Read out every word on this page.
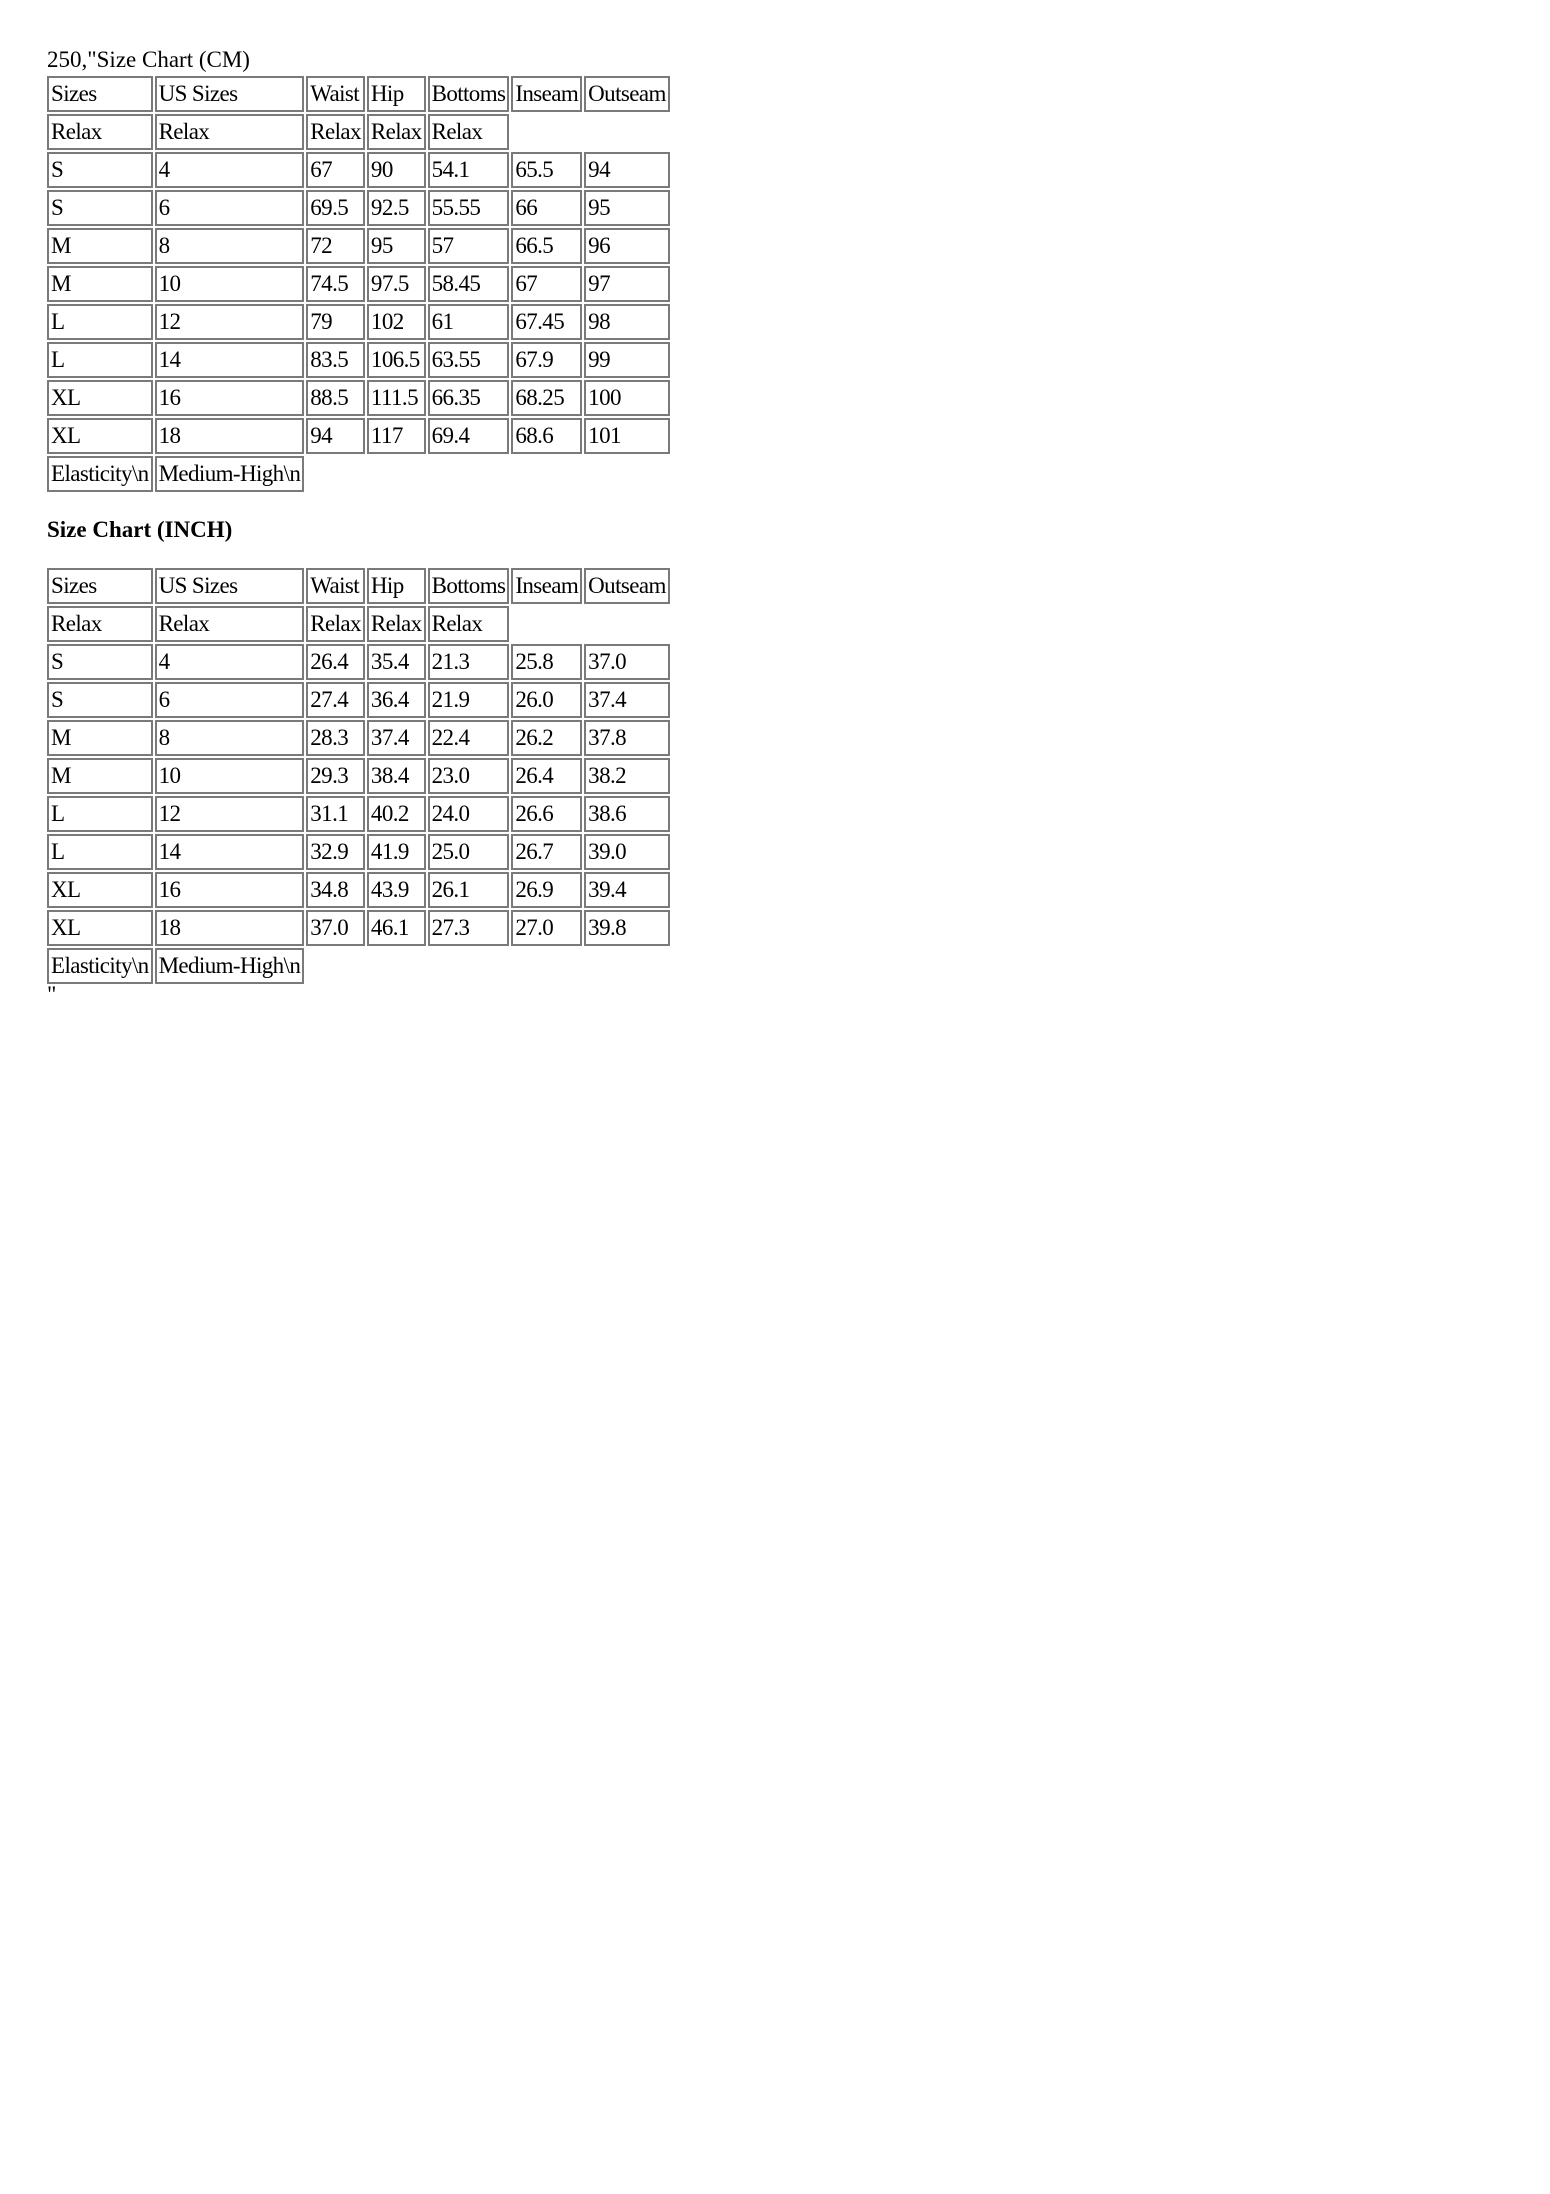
250,"Size Chart (CM)
Sizes	US Sizes	Waist	Hip	Bottoms	Inseam	Outseam
Relax	Relax	Relax	Relax	Relax		
S	4	67	90	54.1	65.5	94
S	6	69.5	92.5	55.55	66	95
M	8	72	95	57	66.5	96
M	10	74.5	97.5	58.45	67	97
L	12	79	102	61	67.45	98
L	14	83.5	106.5	63.55	67.9	99
XL	16	88.5	111.5	66.35	68.25	100
XL	18	94	117	69.4	68.6	101
Elasticity\n	Medium-High\n					
Size Chart (INCH)
Sizes	US Sizes	Waist	Hip	Bottoms	Inseam	Outseam
Relax	Relax	Relax	Relax	Relax		
S	4	26.4	35.4	21.3	25.8	37.0
S	6	27.4	36.4	21.9	26.0	37.4
M	8	28.3	37.4	22.4	26.2	37.8
M	10	29.3	38.4	23.0	26.4	38.2
L	12	31.1	40.2	24.0	26.6	38.6
L	14	32.9	41.9	25.0	26.7	39.0
XL	16	34.8	43.9	26.1	26.9	39.4
XL	18	37.0	46.1	27.3	27.0	39.8
Elasticity\n	Medium-High\n					
"
